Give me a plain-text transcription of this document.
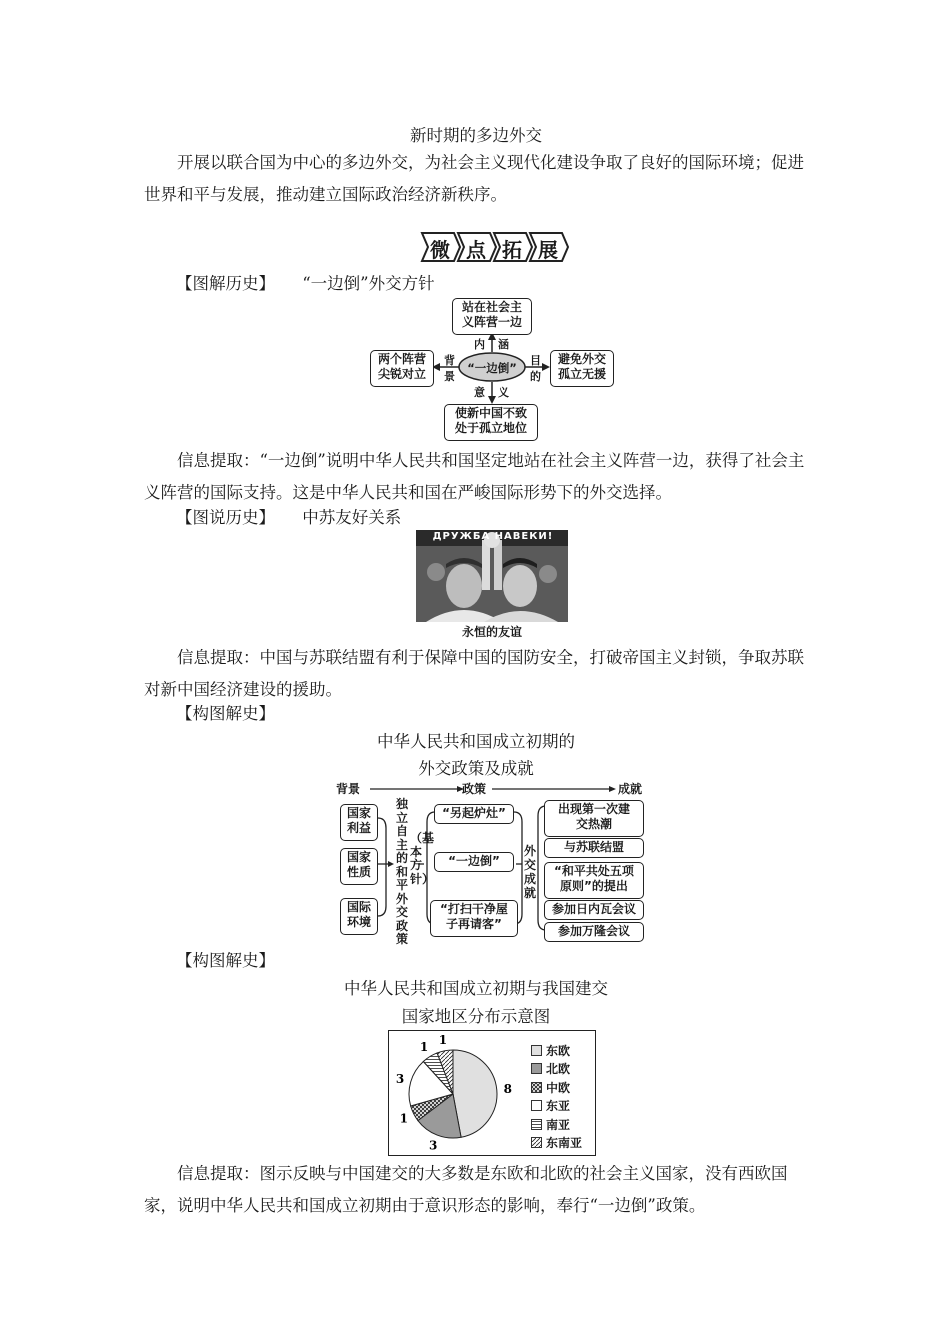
新时期的多边外交
开展以联合国为中心的多边外交，为社会主义现代化建设争取了良好的国际环境；促进世界和平与发展，推动建立国际政治经济新秩序。
微 点 拓 展
【图解历史】 “一边倒”外交方针
“一边倒”
站在社会主
义阵营一边
两个阵营
尖锐对立
避免外交
孤立无援
使新中国不致
处于孤立地位
内 涵
意 义
背
景
目
的
信息提取：“一边倒”说明中华人民共和国坚定地站在社会主义阵营一边，获得了社会主义阵营的国际支持。这是中华人民共和国在严峻国际形势下的外交选择。
【图说历史】 中苏友好关系
ДРУЖБА НАВЕКИ!
永恒的友谊
信息提取：中国与苏联结盟有利于保障中国的国防安全，打破帝国主义封锁，争取苏联对新中国经济建设的援助。
【构图解史】
中华人民共和国成立初期的
外交政策及成就
背景	政策	成就
国家
利益
国家
性质
国际
环境
独立自主的和平外交政策
（基本方针）
“另起炉灶”
“一边倒”
“打扫干净屋
子再请客”
外交成就
出现第一次建
交热潮
与苏联结盟
“和平共处五项
原则”的提出
参加日内瓦会议
参加万隆会议
【构图解史】
中华人民共和国成立初期与我国建交
国家地区分布示意图
8
3
1
3
1
1
东欧
北欧
中欧
东亚
南亚
东南亚
信息提取：图示反映与中国建交的大多数是东欧和北欧的社会主义国家，没有西欧国家，说明中华人民共和国成立初期由于意识形态的影响，奉行“一边倒”政策。
